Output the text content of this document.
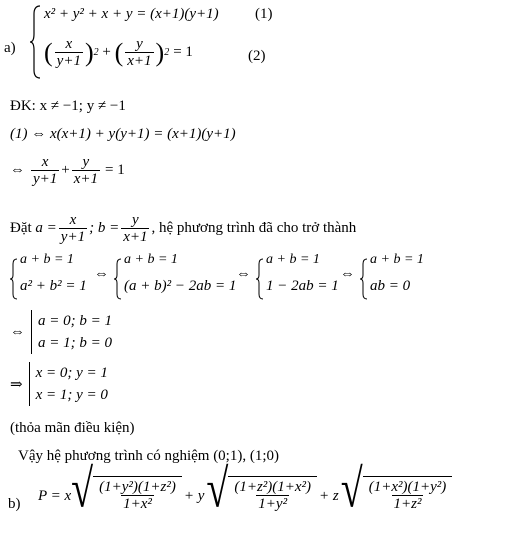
a)
x² + y² + x + y = (x+1)(y+1) (1)
( $\frac{x}{y+1}$ ) 2 + ( $\frac{y}{x+1}$ ) 2 = 1	(2)
ĐK: x ≠ −1; y ≠ −1
(1) ⇔ x(x+1) + y(y+1) = (x+1)(y+1)
⇔ $\frac{x}{y+1} + \frac{y}{x+1} = 1$
Đặt
$a = \frac{x}{y+1}$ ; $b = \frac{y}{x+1}$ , hệ phương trình đã cho trở thành
a + b = 1
a² + b² = 1
⇔
a + b = 1
(a + b)² − 2ab = 1
⇔
a + b = 1
1 − 2ab = 1
⇔
a + b = 1
ab = 0
⇔
a = 0; b = 1
a = 1; b = 0
⇒
x = 0; y = 1
x = 1; y = 0
(thỏa mãn điều kiện)
Vậy hệ phương trình có nghiệm (0;1), (1;0)
b)
P = x √ $\frac{\text{(1+y²)(1+z²)}}{\text{1+x²}} + y$ √ $\frac{\text{(1+z²)(1+x²)}}{\text{1+y²}} + z$ √ $\frac{\text{(1+x²)(1+y²)}}{\text{1+z²}}$
